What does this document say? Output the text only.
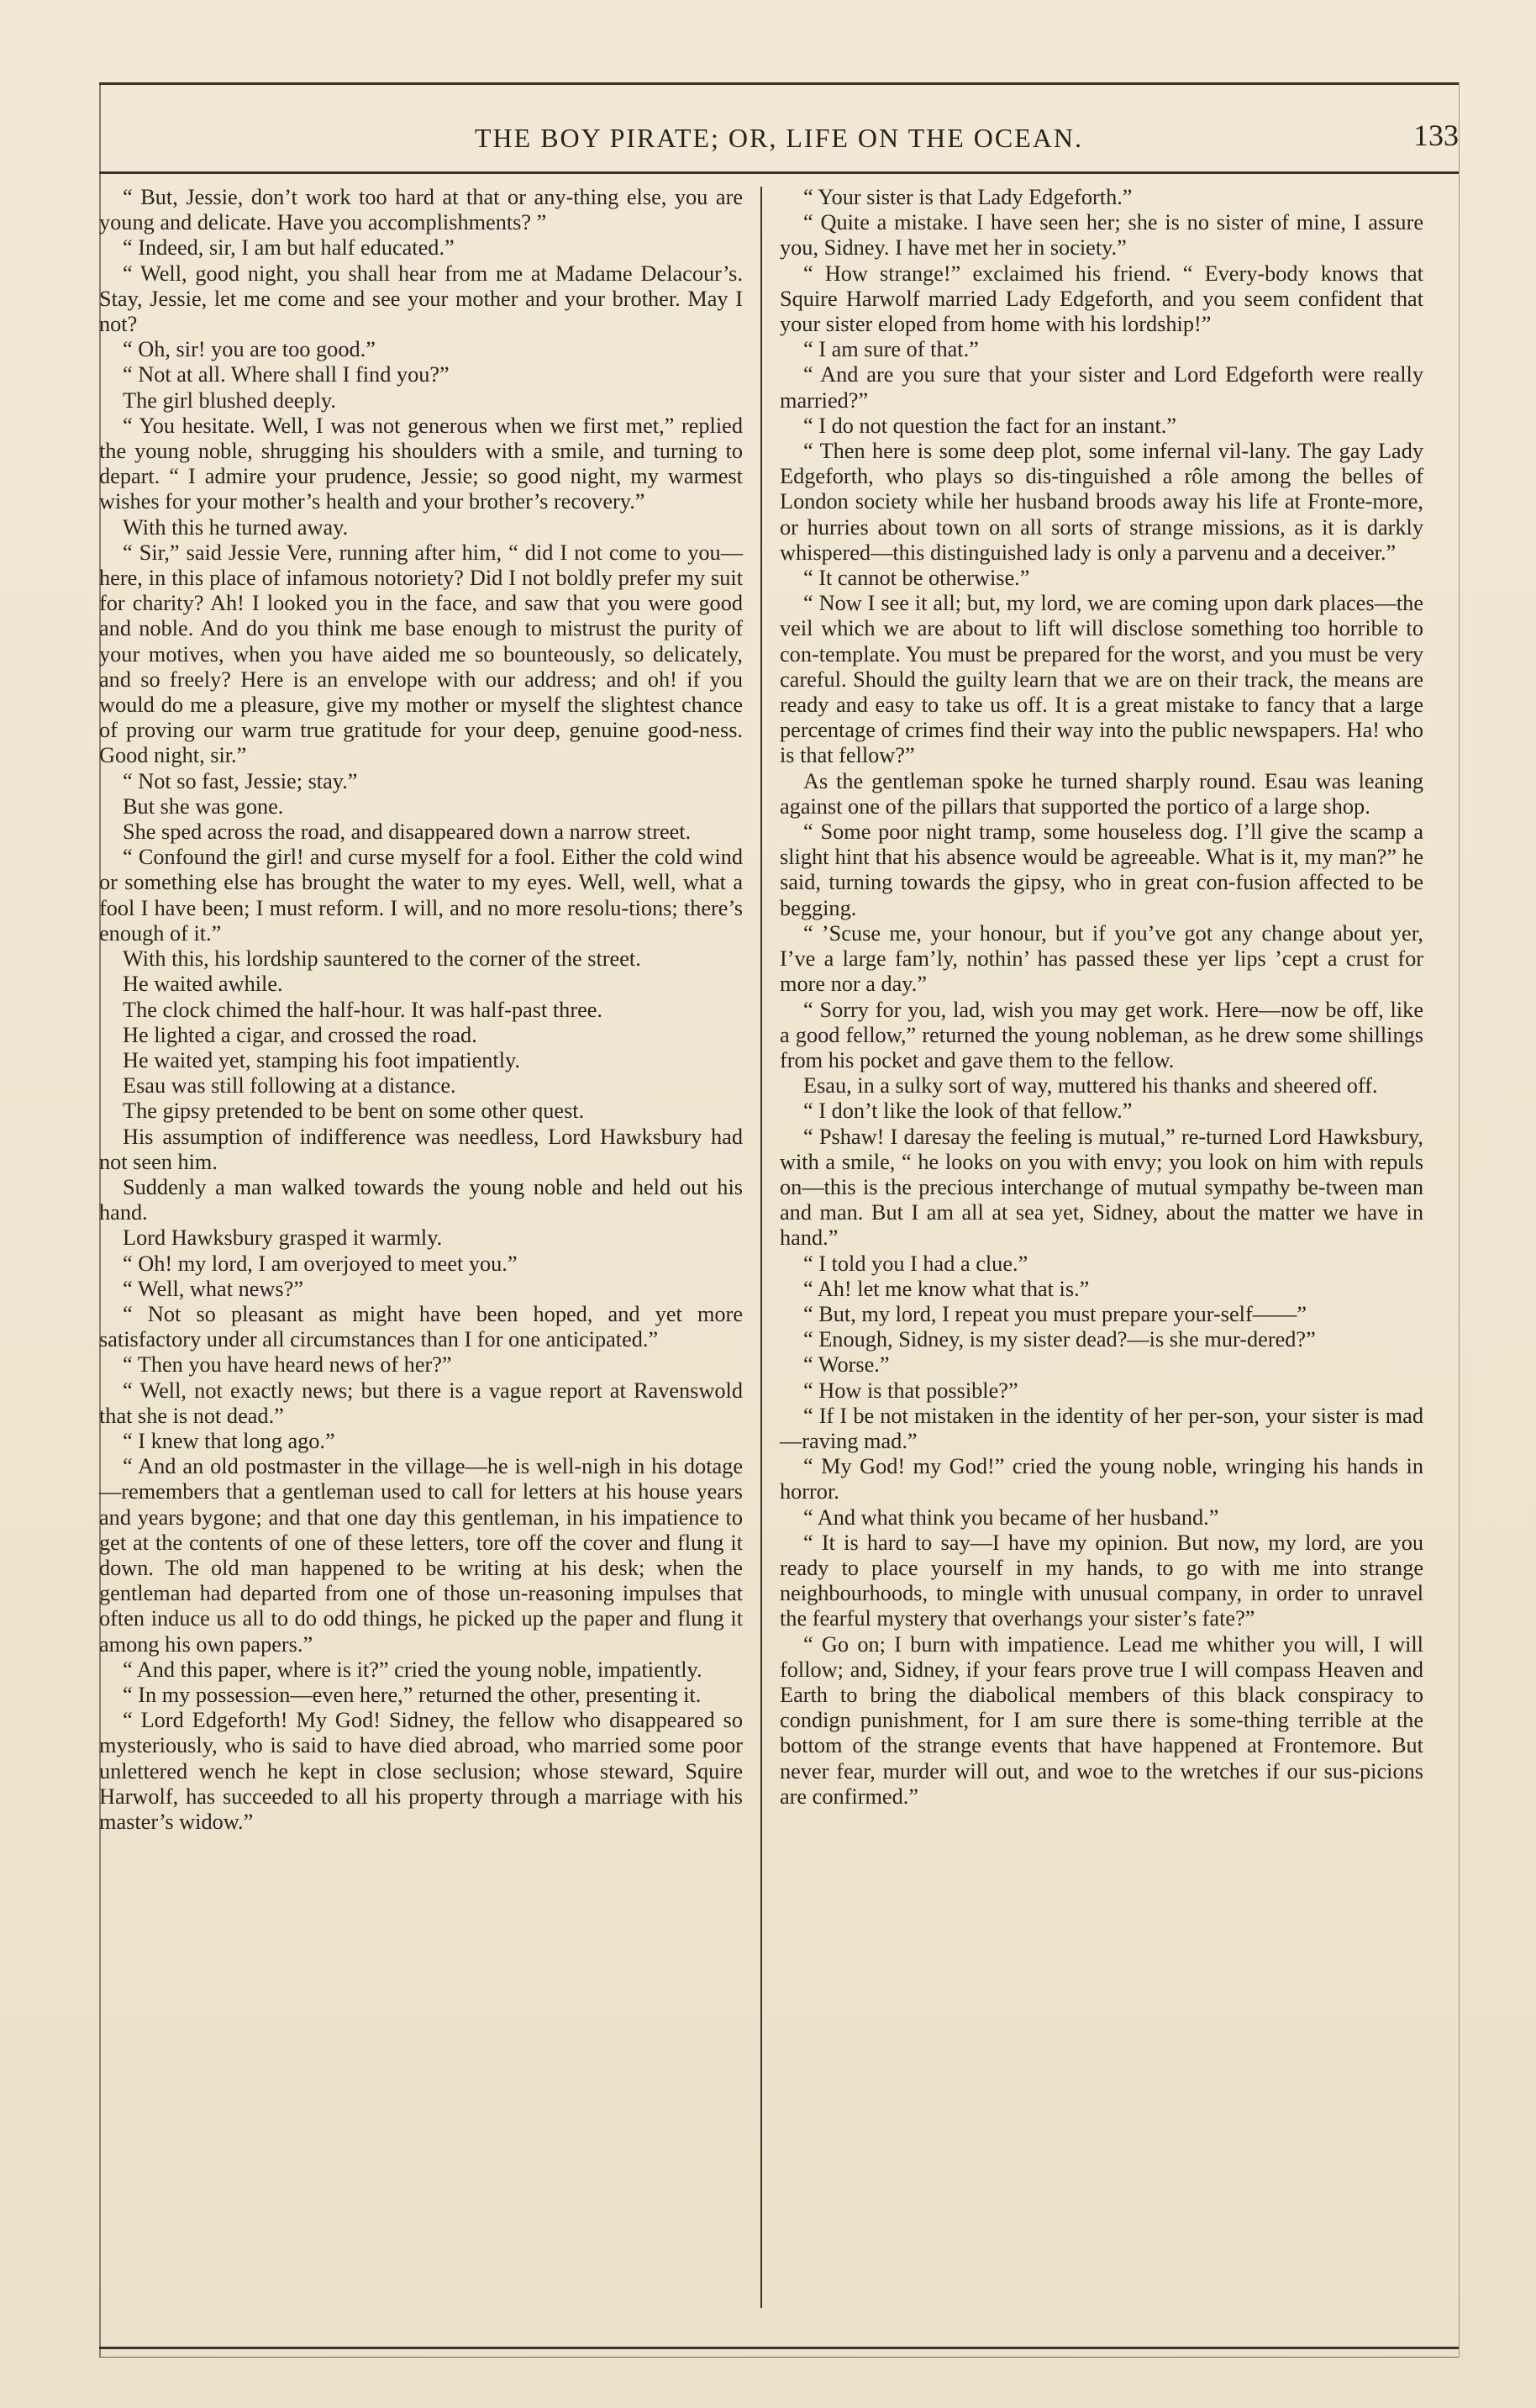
THE BOY PIRATE; OR, LIFE ON THE OCEAN.	133

“ But, Jessie, don’t work too hard at that or any-thing else, you are young and delicate. Have you accomplishments? ”

“ Indeed, sir, I am but half educated.”

“ Well, good night, you shall hear from me at Madame Delacour’s. Stay, Jessie, let me come and see your mother and your brother. May I not?

“ Oh, sir! you are too good.”

“ Not at all. Where shall I find you?”

The girl blushed deeply.

“ You hesitate. Well, I was not generous when we first met,” replied the young noble, shrugging his shoulders with a smile, and turning to depart. “ I admire your prudence, Jessie; so good night, my warmest wishes for your mother’s health and your brother’s recovery.”

With this he turned away.

“ Sir,” said Jessie Vere, running after him, “ did I not come to you—here, in this place of infamous notoriety? Did I not boldly prefer my suit for charity? Ah! I looked you in the face, and saw that you were good and noble. And do you think me base enough to mistrust the purity of your motives, when you have aided me so bounteously, so delicately, and so freely? Here is an envelope with our address; and oh! if you would do me a pleasure, give my mother or myself the slightest chance of proving our warm true gratitude for your deep, genuine good-ness. Good night, sir.”

“ Not so fast, Jessie; stay.”

But she was gone.

She sped across the road, and disappeared down a narrow street.

“ Confound the girl! and curse myself for a fool. Either the cold wind or something else has brought the water to my eyes. Well, well, what a fool I have been; I must reform. I will, and no more resolu-tions; there’s enough of it.”

With this, his lordship sauntered to the corner of the street.

He waited awhile.

The clock chimed the half-hour. It was half-past three.

He lighted a cigar, and crossed the road.

He waited yet, stamping his foot impatiently.

Esau was still following at a distance.

The gipsy pretended to be bent on some other quest.

His assumption of indifference was needless, Lord Hawksbury had not seen him.

Suddenly a man walked towards the young noble and held out his hand.

Lord Hawksbury grasped it warmly.

“ Oh! my lord, I am overjoyed to meet you.”

“ Well, what news?”

“ Not so pleasant as might have been hoped, and yet more satisfactory under all circumstances than I for one anticipated.”

“ Then you have heard news of her?”

“ Well, not exactly news; but there is a vague report at Ravenswold that she is not dead.”

“ I knew that long ago.”

“ And an old postmaster in the village—he is well-nigh in his dotage—remembers that a gentleman used to call for letters at his house years and years bygone; and that one day this gentleman, in his impatience to get at the contents of one of these letters, tore off the cover and flung it down. The old man happened to be writing at his desk; when the gentleman had departed from one of those un-reasoning impulses that often induce us all to do odd things, he picked up the paper and flung it among his own papers.”

“ And this paper, where is it?” cried the young noble, impatiently.

“ In my possession—even here,” returned the other, presenting it.

“ Lord Edgeforth! My God! Sidney, the fellow who disappeared so mysteriously, who is said to have died abroad, who married some poor unlettered wench he kept in close seclusion; whose steward, Squire Harwolf, has succeeded to all his property through a marriage with his master’s widow.”

“ Your sister is that Lady Edgeforth.”

“ Quite a mistake. I have seen her; she is no sister of mine, I assure you, Sidney. I have met her in society.”

“ How strange!” exclaimed his friend. “ Every-body knows that Squire Harwolf married Lady Edgeforth, and you seem confident that your sister eloped from home with his lordship!”

“ I am sure of that.”

“ And are you sure that your sister and Lord Edgeforth were really married?”

“ I do not question the fact for an instant.”

“ Then here is some deep plot, some infernal vil-lany. The gay Lady Edgeforth, who plays so dis-tinguished a rôle among the belles of London society while her husband broods away his life at Fronte-more, or hurries about town on all sorts of strange missions, as it is darkly whispered—this distinguished lady is only a parvenu and a deceiver.”

“ It cannot be otherwise.”

“ Now I see it all; but, my lord, we are coming upon dark places—the veil which we are about to lift will disclose something too horrible to con-template. You must be prepared for the worst, and you must be very careful. Should the guilty learn that we are on their track, the means are ready and easy to take us off. It is a great mistake to fancy that a large percentage of crimes find their way into the public newspapers. Ha! who is that fellow?”

As the gentleman spoke he turned sharply round. Esau was leaning against one of the pillars that supported the portico of a large shop.

“ Some poor night tramp, some houseless dog. I’ll give the scamp a slight hint that his absence would be agreeable. What is it, my man?” he said, turning towards the gipsy, who in great con-fusion affected to be begging.

“ ’Scuse me, your honour, but if you’ve got any change about yer, I’ve a large fam’ly, nothin’ has passed these yer lips ’cept a crust for more nor a day.”

“ Sorry for you, lad, wish you may get work. Here—now be off, like a good fellow,” returned the young nobleman, as he drew some shillings from his pocket and gave them to the fellow.

Esau, in a sulky sort of way, muttered his thanks and sheered off.

“ I don’t like the look of that fellow.”

“ Pshaw! I daresay the feeling is mutual,” re-turned Lord Hawksbury, with a smile, “ he looks on you with envy; you look on him with repuls on—this is the precious interchange of mutual sympathy be-tween man and man. But I am all at sea yet, Sidney, about the matter we have in hand.”

“ I told you I had a clue.”

“ Ah! let me know what that is.”

“ But, my lord, I repeat you must prepare your-self——”

“ Enough, Sidney, is my sister dead?—is she mur-dered?”

“ Worse.”

“ How is that possible?”

“ If I be not mistaken in the identity of her per-son, your sister is mad—raving mad.”

“ My God! my God!” cried the young noble, wringing his hands in horror.

“ And what think you became of her husband.”

“ It is hard to say—I have my opinion. But now, my lord, are you ready to place yourself in my hands, to go with me into strange neighbourhoods, to mingle with unusual company, in order to unravel the fearful mystery that overhangs your sister’s fate?”

“ Go on; I burn with impatience. Lead me whither you will, I will follow; and, Sidney, if your fears prove true I will compass Heaven and Earth to bring the diabolical members of this black conspiracy to condign punishment, for I am sure there is some-thing terrible at the bottom of the strange events that have happened at Frontemore. But never fear, murder will out, and woe to the wretches if our sus-picions are confirmed.”
